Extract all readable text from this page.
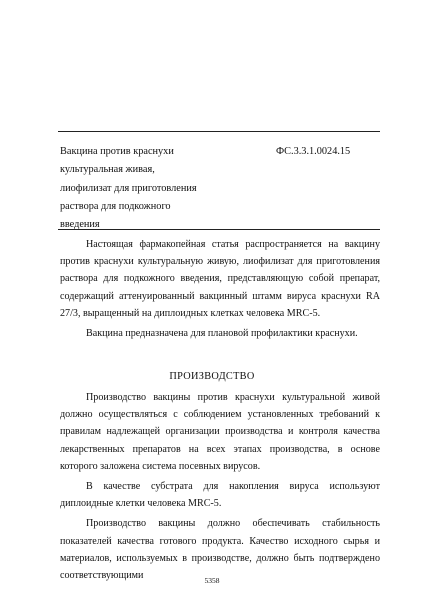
Вакцина против краснухи
культуральная живая,
лиофилизат для приготовления
раствора для подкожного
введения
ФС.3.3.1.0024.15

Настоящая фармакопейная статья распространяется на вакцину против краснухи культуральную живую, лиофилизат для приготовления раствора для подкожного введения, представляющую собой препарат, содержащий аттенуированный вакцинный штамм вируса краснухи RA 27/3, выращенный на диплоидных клетках человека MRC-5.

Вакцина предназначена для плановой профилактики краснухи.

ПРОИЗВОДСТВО

Производство вакцины против краснухи культуральной живой должно осуществляться с соблюдением установленных требований к правилам надлежащей организации производства и контроля качества лекарственных препаратов на всех этапах производства, в основе которого заложена система посевных вирусов.

В качестве субстрата для накопления вируса используют диплоидные клетки человека MRC-5.

Производство вакцины должно обеспечивать стабильность показателей качества готового продукта. Качество исходного сырья и материалов, используемых в производстве, должно быть подтверждено соответствующими	5358
